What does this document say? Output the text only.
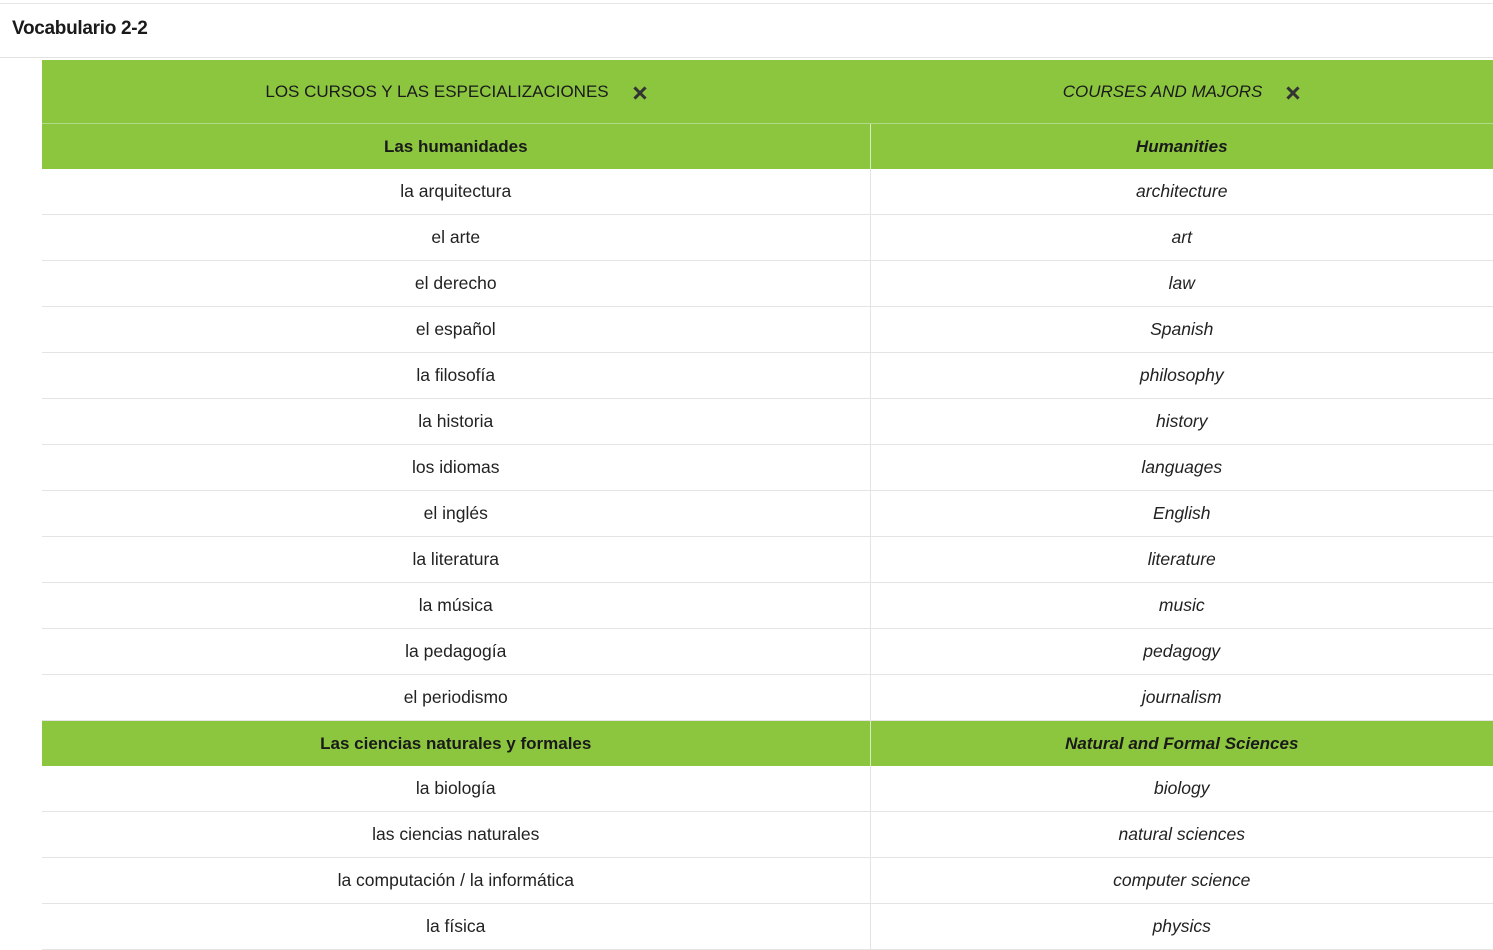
Vocabulario 2-2
LOS CURSOS Y LAS ESPECIALIZACIONES	COURSES AND MAJORS

Las humanidades	Humanities
la arquitectura	architecture
el arte	art
el derecho	law
el español	Spanish
la filosofía	philosophy
la historia	history
los idiomas	languages
el inglés	English
la literatura	literature
la música	music
la pedagogía	pedagogy
el periodismo	journalism
Las ciencias naturales y formales	Natural and Formal Sciences
la biología	biology
las ciencias naturales	natural sciences
la computación / la informática	computer science
la física	physics
